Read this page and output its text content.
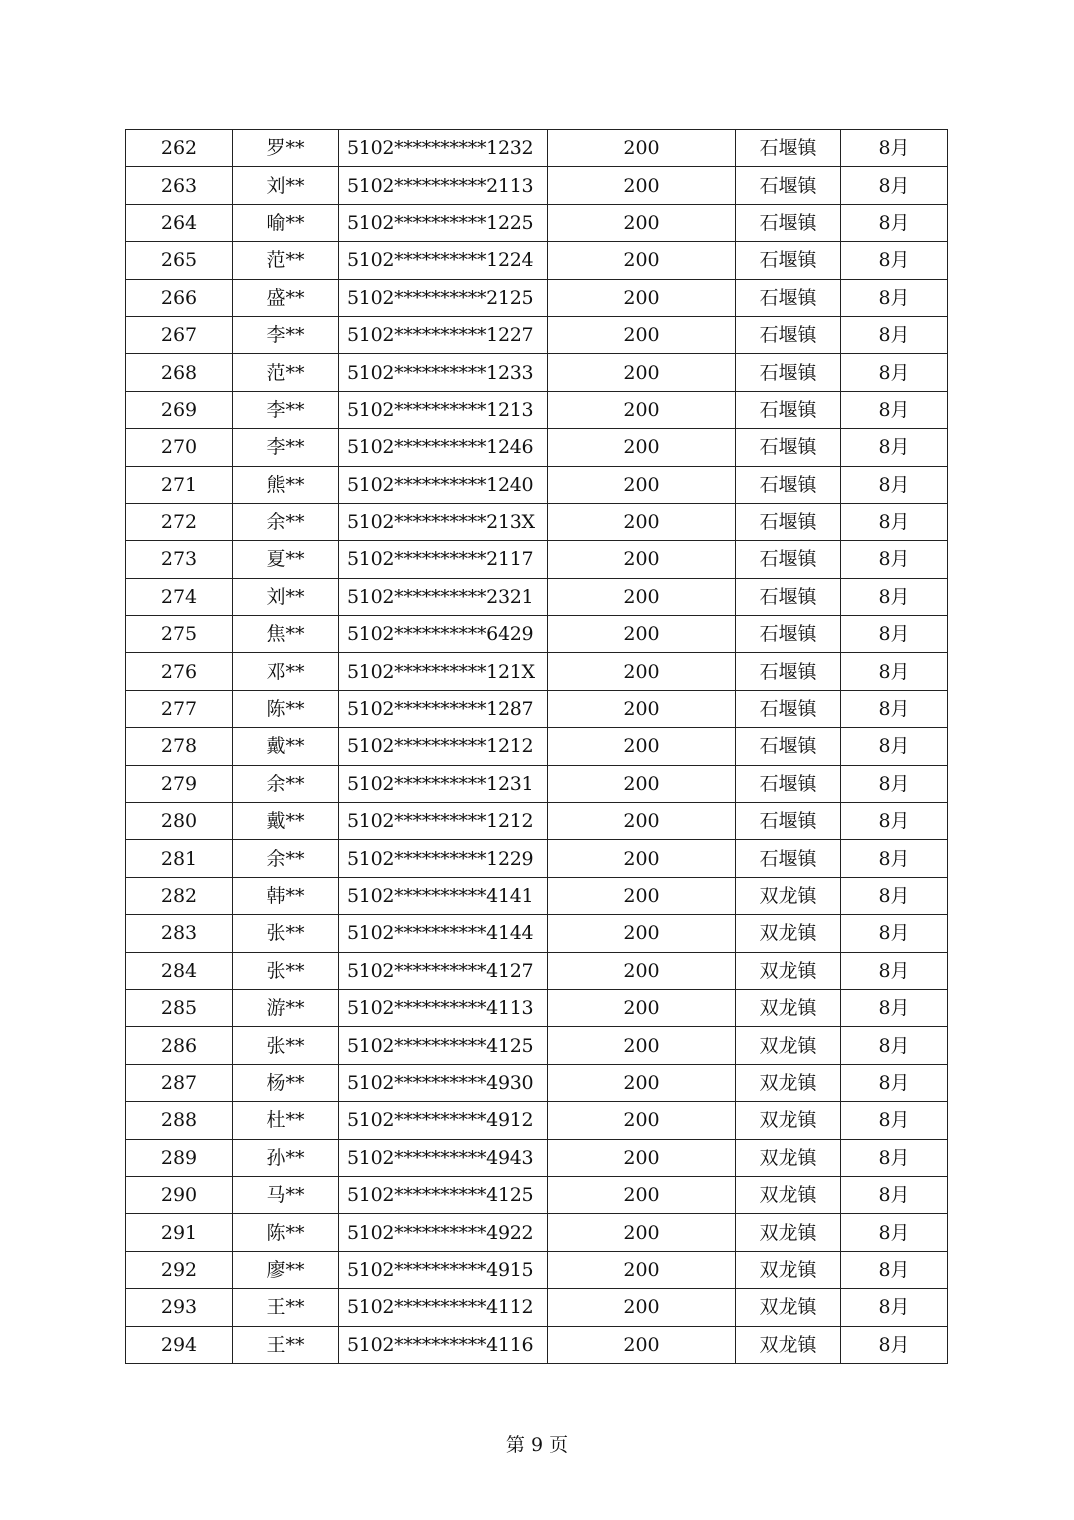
262	罗**	5102**********1232	200	石堰镇	8月
263	刘**	5102**********2113	200	石堰镇	8月
264	喻**	5102**********1225	200	石堰镇	8月
265	范**	5102**********1224	200	石堰镇	8月
266	盛**	5102**********2125	200	石堰镇	8月
267	李**	5102**********1227	200	石堰镇	8月
268	范**	5102**********1233	200	石堰镇	8月
269	李**	5102**********1213	200	石堰镇	8月
270	李**	5102**********1246	200	石堰镇	8月
271	熊**	5102**********1240	200	石堰镇	8月
272	余**	5102**********213X	200	石堰镇	8月
273	夏**	5102**********2117	200	石堰镇	8月
274	刘**	5102**********2321	200	石堰镇	8月
275	焦**	5102**********6429	200	石堰镇	8月
276	邓**	5102**********121X	200	石堰镇	8月
277	陈**	5102**********1287	200	石堰镇	8月
278	戴**	5102**********1212	200	石堰镇	8月
279	余**	5102**********1231	200	石堰镇	8月
280	戴**	5102**********1212	200	石堰镇	8月
281	余**	5102**********1229	200	石堰镇	8月
282	韩**	5102**********4141	200	双龙镇	8月
283	张**	5102**********4144	200	双龙镇	8月
284	张**	5102**********4127	200	双龙镇	8月
285	游**	5102**********4113	200	双龙镇	8月
286	张**	5102**********4125	200	双龙镇	8月
287	杨**	5102**********4930	200	双龙镇	8月
288	杜**	5102**********4912	200	双龙镇	8月
289	孙**	5102**********4943	200	双龙镇	8月
290	马**	5102**********4125	200	双龙镇	8月
291	陈**	5102**********4922	200	双龙镇	8月
292	廖**	5102**********4915	200	双龙镇	8月
293	王**	5102**********4112	200	双龙镇	8月
294	王**	5102**********4116	200	双龙镇	8月
第 9 页
